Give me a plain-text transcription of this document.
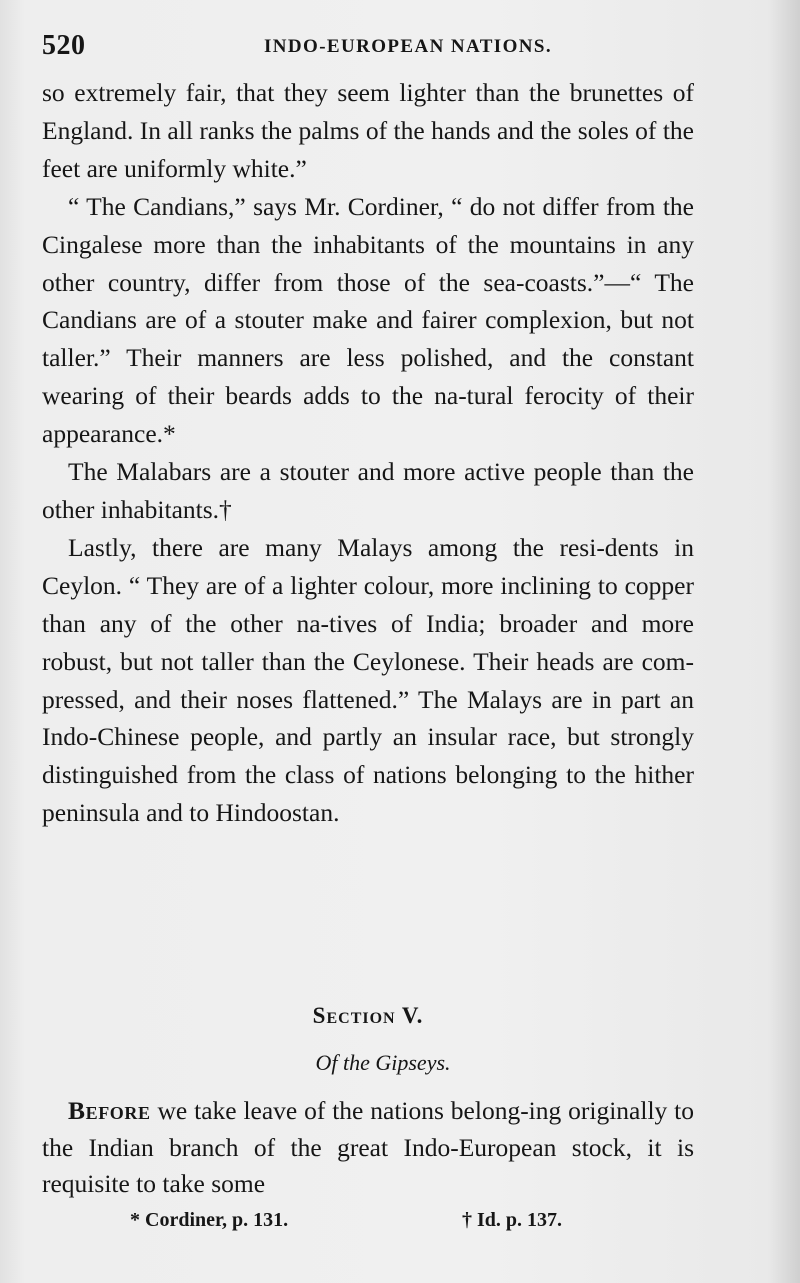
520	INDO-EUROPEAN NATIONS.

so extremely fair, that they seem lighter than the brunettes of England. In all ranks the palms of the hands and the soles of the feet are uniformly white.”

“ The Candians,” says Mr. Cordiner, “ do not differ from the Cingalese more than the inhabitants of the mountains in any other country, differ from those of the sea-coasts.”—“ The Candians are of a stouter make and fairer complexion, but not taller.” Their manners are less polished, and the constant wearing of their beards adds to the na-tural ferocity of their appearance.*

The Malabars are a stouter and more active people than the other inhabitants.†

Lastly, there are many Malays among the resi-dents in Ceylon. “ They are of a lighter colour, more inclining to copper than any of the other na-tives of India; broader and more robust, but not taller than the Ceylonese. Their heads are com-pressed, and their noses flattened.” The Malays are in part an Indo-Chinese people, and partly an insular race, but strongly distinguished from the class of nations belonging to the hither peninsula and to Hindoostan.

Section V.
Of the Gipseys.

Before we take leave of the nations belong-ing originally to the Indian branch of the great Indo-European stock, it is requisite to take some

* Cordiner, p. 131.	† Id. p. 137.
